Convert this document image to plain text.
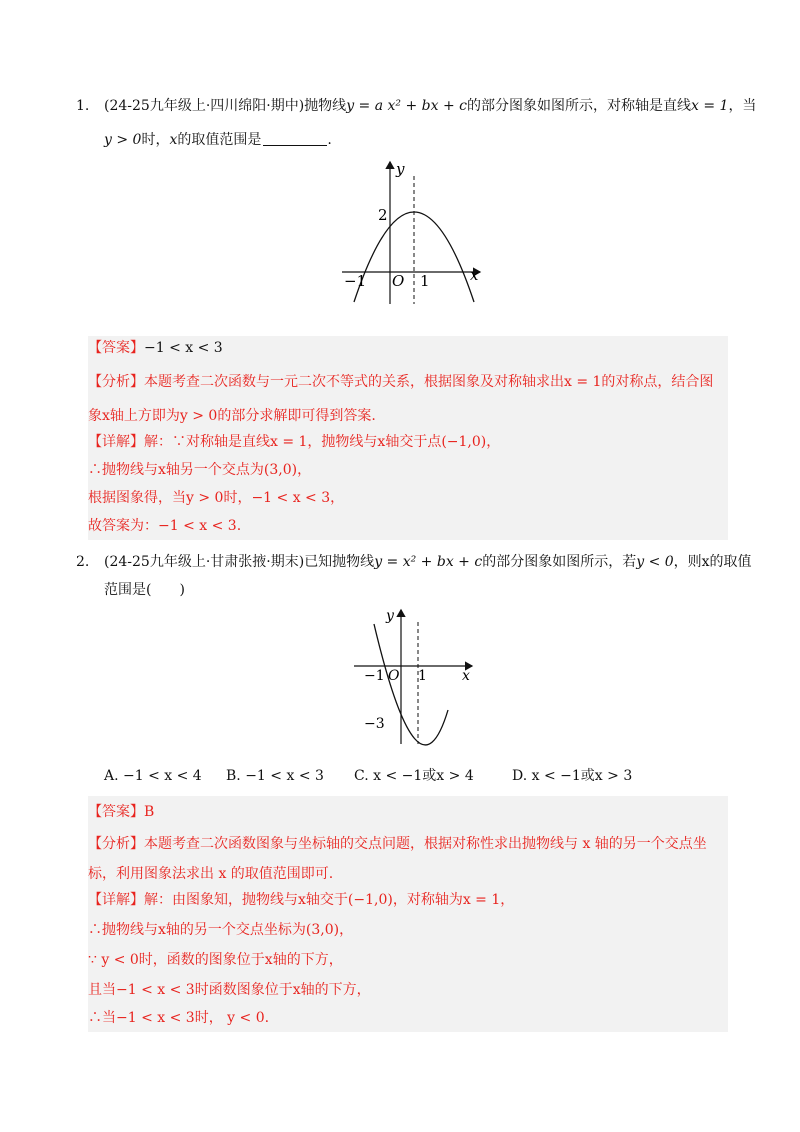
1. (24-25九年级上·四川绵阳·期中)抛物线y = a x² + bx + c的部分图象如图所示，对称轴是直线x = 1，当
y > 0时，x的取值范围是	.
y
x
O
−1	1
2
【答案】−1 < x < 3
【分析】本题考查二次函数与一元二次不等式的关系，根据图象及对称轴求出x = 1的对称点，结合图
象x轴上方即为y > 0的部分求解即可得到答案.
【详解】解：∵对称轴是直线x = 1，抛物线与x轴交于点(−1,0)，
∴抛物线与x轴另一个交点为(3,0)，
根据图象得，当y > 0时，−1 < x < 3，
故答案为：−1 < x < 3.
2. (24-25九年级上·甘肃张掖·期末)已知抛物线y = x² + bx + c的部分图象如图所示，若y < 0，则x的取值
范围是(　　)
y
x
O
−1 1
−3
A. −1 < x < 4 B. −1 < x < 3 C. x < −1或x > 4	D. x < −1或x > 3
【答案】B
【分析】本题考查二次函数图象与坐标轴的交点问题，根据对称性求出抛物线与 x 轴的另一个交点坐
标，利用图象法求出 x 的取值范围即可.
【详解】解：由图象知，抛物线与x轴交于(−1,0)，对称轴为x = 1，
∴抛物线与x轴的另一个交点坐标为(3,0)，
∵ y < 0时，函数的图象位于x轴的下方，
且当−1 < x < 3时函数图象位于x轴的下方，
∴当−1 < x < 3时， y < 0.
